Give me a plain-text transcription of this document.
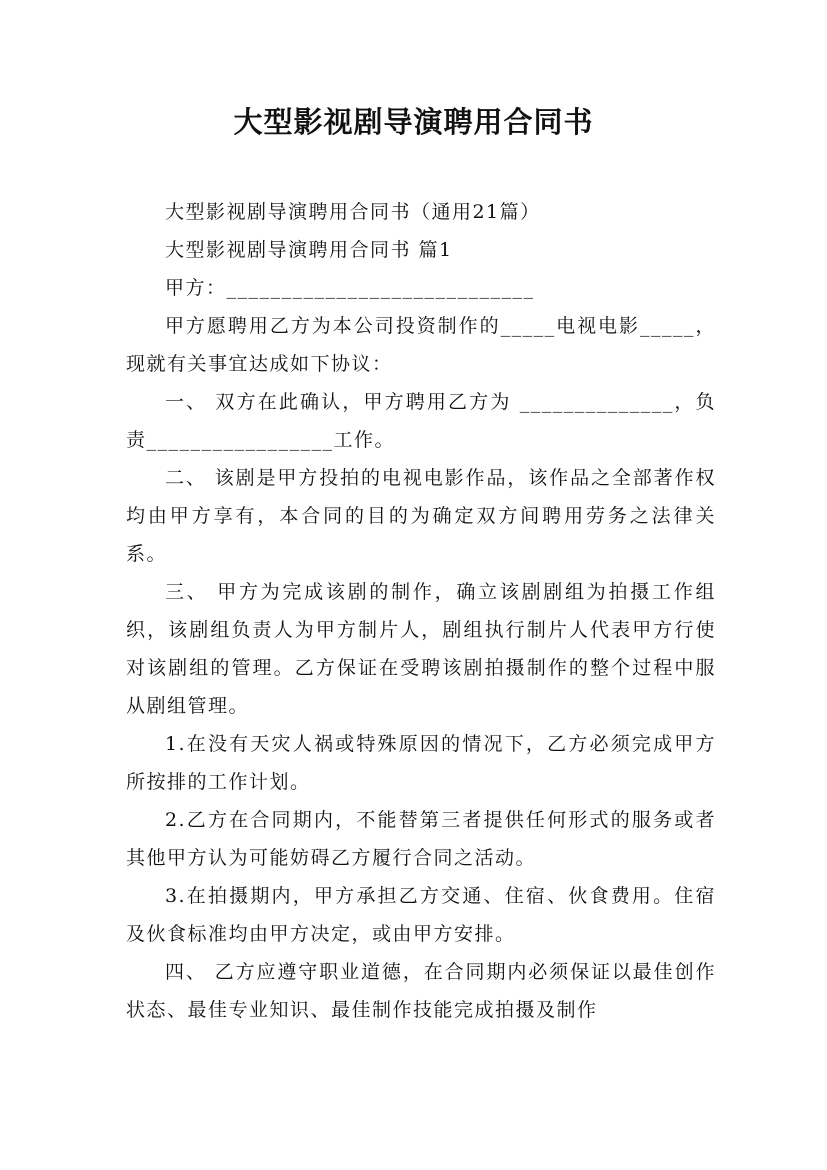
大型影视剧导演聘用合同书

大型影视剧导演聘用合同书（通用21篇）

大型影视剧导演聘用合同书 篇1

甲方：____________________________

甲方愿聘用乙方为本公司投资制作的_____电视电影_____，现就有关事宜达成如下协议：

一、 双方在此确认，甲方聘用乙方为 ______________，负责_________________工作。

二、 该剧是甲方投拍的电视电影作品，该作品之全部著作权均由甲方享有，本合同的目的为确定双方间聘用劳务之法律关系。

三、 甲方为完成该剧的制作，确立该剧剧组为拍摄工作组织，该剧组负责人为甲方制片人，剧组执行制片人代表甲方行使对该剧组的管理。乙方保证在受聘该剧拍摄制作的整个过程中服从剧组管理。

1.在没有天灾人祸或特殊原因的情况下，乙方必须完成甲方所按排的工作计划。

2.乙方在合同期内，不能替第三者提供任何形式的服务或者其他甲方认为可能妨碍乙方履行合同之活动。

3.在拍摄期内，甲方承担乙方交通、住宿、伙食费用。住宿及伙食标准均由甲方决定，或由甲方安排。

四、 乙方应遵守职业道德，在合同期内必须保证以最佳创作状态、最佳专业知识、最佳制作技能完成拍摄及制作
